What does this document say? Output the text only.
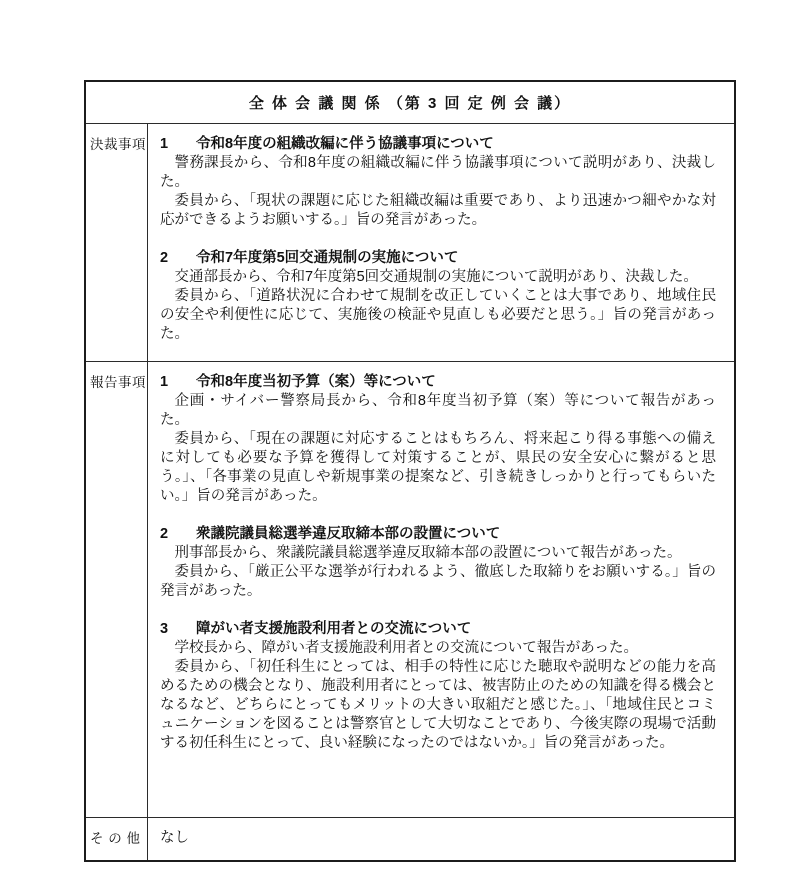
全 体 会 議 関 係 （第 3 回 定 例 会 議）
決裁事項 1	令和8年度の組織改編に伴う協議事項について

警務課長から、令和8年度の組織改編に伴う協議事項について説明があり、決裁した。

委員から、「現状の課題に応じた組織改編は重要であり、より迅速かつ細やかな対応ができるようお願いする。」旨の発言があった。

2	令和7年度第5回交通規制の実施について

交通部長から、令和7年度第5回交通規制の実施について説明があり、決裁した。

委員から、「道路状況に合わせて規制を改正していくことは大事であり、地域住民の安全や利便性に応じて、実施後の検証や見直しも必要だと思う。」旨の発言があった。

報告事項 1	令和8年度当初予算（案）等について

企画・サイバー警察局長から、令和8年度当初予算（案）等について報告があった。

委員から、「現在の課題に対応することはもちろん、将来起こり得る事態への備えに対しても必要な予算を獲得して対策することが、県民の安全安心に繋がると思う。」、「各事業の見直しや新規事業の提案など、引き続きしっかりと行ってもらいたい。」旨の発言があった。

2	衆議院議員総選挙違反取締本部の設置について

刑事部長から、衆議院議員総選挙違反取締本部の設置について報告があった。

委員から、「厳正公平な選挙が行われるよう、徹底した取締りをお願いする。」旨の発言があった。

3	障がい者支援施設利用者との交流について

学校長から、障がい者支援施設利用者との交流について報告があった。

委員から、「初任科生にとっては、相手の特性に応じた聴取や説明などの能力を高めるための機会となり、施設利用者にとっては、被害防止のための知識を得る機会となるなど、どちらにとってもメリットの大きい取組だと感じた。」、「地域住民とコミュニケーションを図ることは警察官として大切なことであり、今後実際の現場で活動する初任科生にとって、良い経験になったのではないか。」旨の発言があった。

そ の 他	なし
